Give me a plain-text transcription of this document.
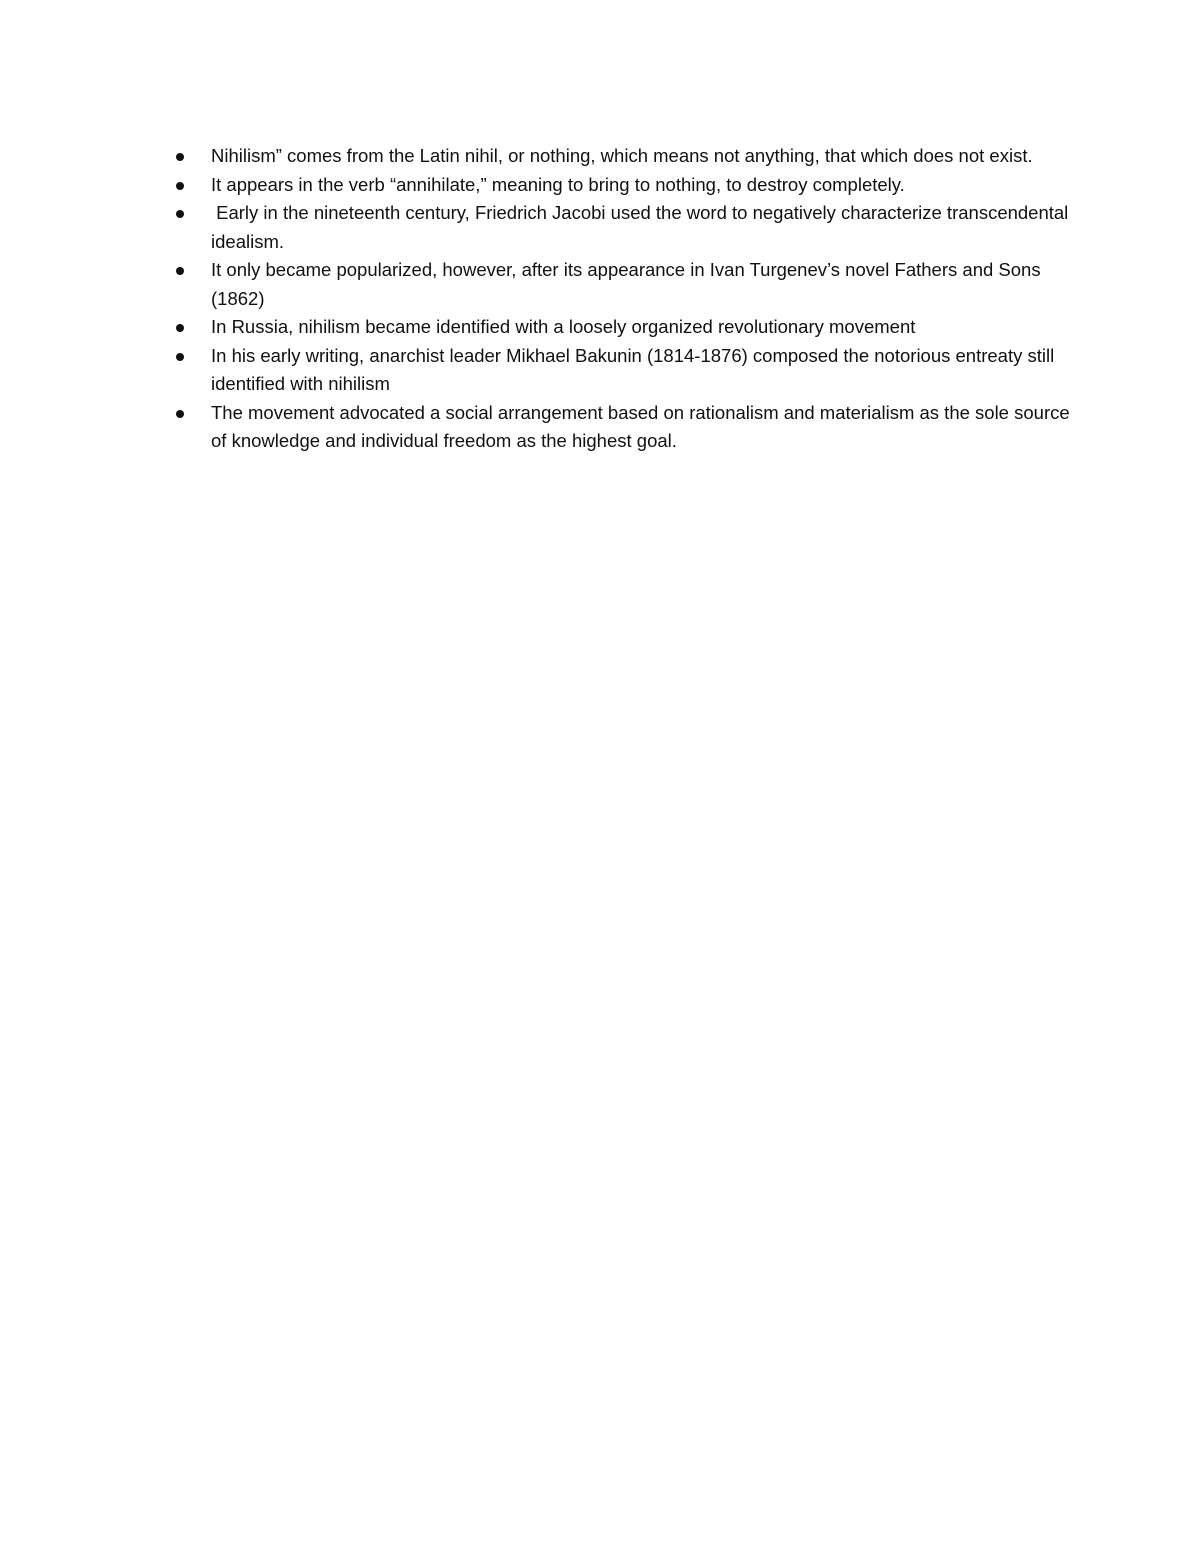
Nihilism” comes from the Latin nihil, or nothing, which means not anything, that which does not exist.
It appears in the verb “annihilate,” meaning to bring to nothing, to destroy completely.
Early in the nineteenth century, Friedrich Jacobi used the word to negatively characterize transcendental idealism.
It only became popularized, however, after its appearance in Ivan Turgenev’s novel Fathers and Sons (1862)
In Russia, nihilism became identified with a loosely organized revolutionary movement
In his early writing, anarchist leader Mikhael Bakunin (1814-1876) composed the notorious entreaty still identified with nihilism
The movement advocated a social arrangement based on rationalism and materialism as the sole source of knowledge and individual freedom as the highest goal.
